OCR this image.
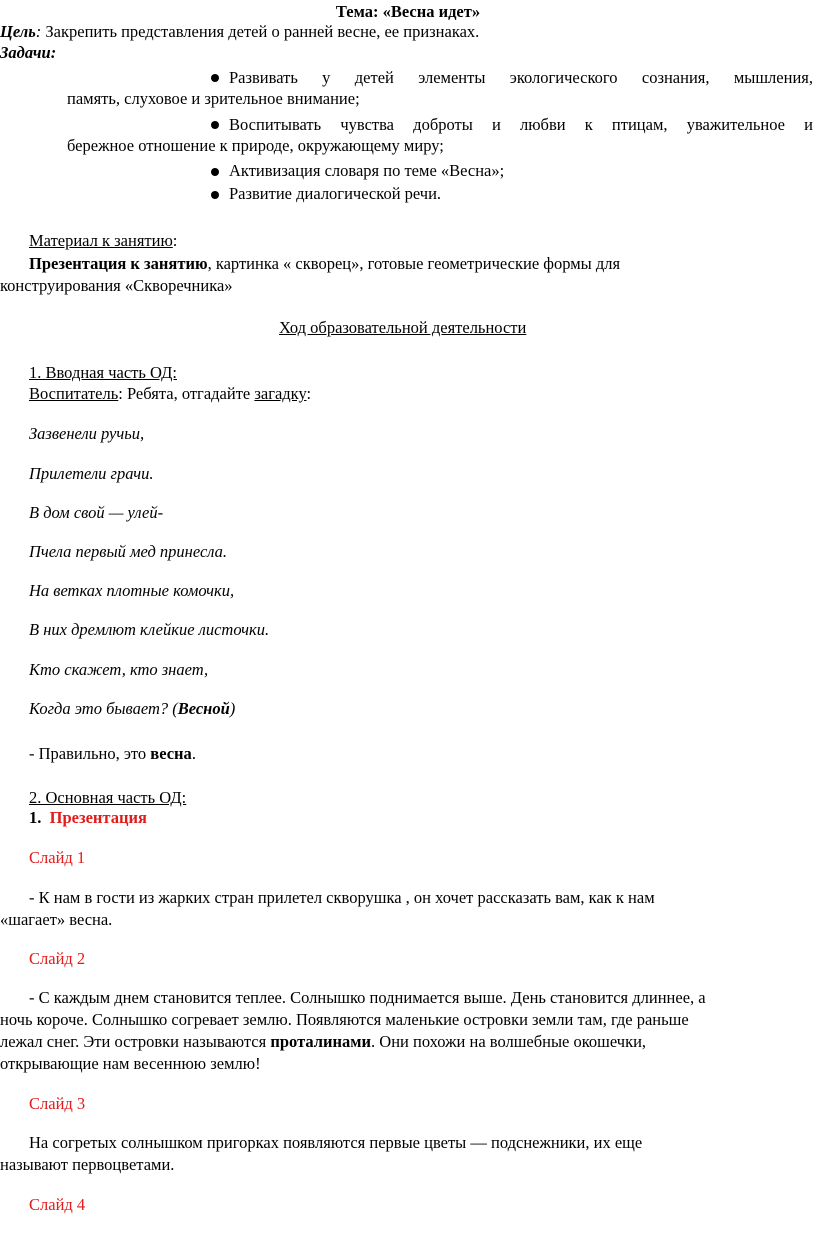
Тема: «Весна идет»
Цель: Закрепить представления детей о ранней весне, ее признаках.
Задачи:
Развивать у детей элементы экологического сознания, мышления,
память, слуховое и зрительное внимание;
Воспитывать чувства доброты и любви к птицам, уважительное и
бережное отношение к природе, окружающему миру;
Активизация словаря по теме «Весна»;
Развитие диалогической речи.
Материал к занятию:
Презентация к занятию, картинка « скворец», готовые геометрические формы для
конструирования «Скворечника»
Ход образовательной деятельности
1. Вводная часть ОД:
Воспитатель: Ребята, отгадайте загадку:
Зазвенели ручьи,
Прилетели грачи.
В дом свой — улей-
Пчела первый мед принесла.
На ветках плотные комочки,
В них дремлют клейкие листочки.
Кто скажет, кто знает,
Когда это бывает? (Весной)
- Правильно, это весна.
2. Основная часть ОД:
1. Презентация
Слайд 1
- К нам в гости из жарких стран прилетел скворушка , он хочет рассказать вам, как к нам
«шагает» весна.
Слайд 2
- С каждым днем становится теплее. Солнышко поднимается выше. День становится длиннее, а
ночь короче. Солнышко согревает землю. Появляются маленькие островки земли там, где раньше
лежал снег. Эти островки называются проталинами. Они похожи на волшебные окошечки,
открывающие нам весеннюю землю!
Слайд 3
На согретых солнышком пригорках появляются первые цветы — подснежники, их еще
называют первоцветами.
Слайд 4
